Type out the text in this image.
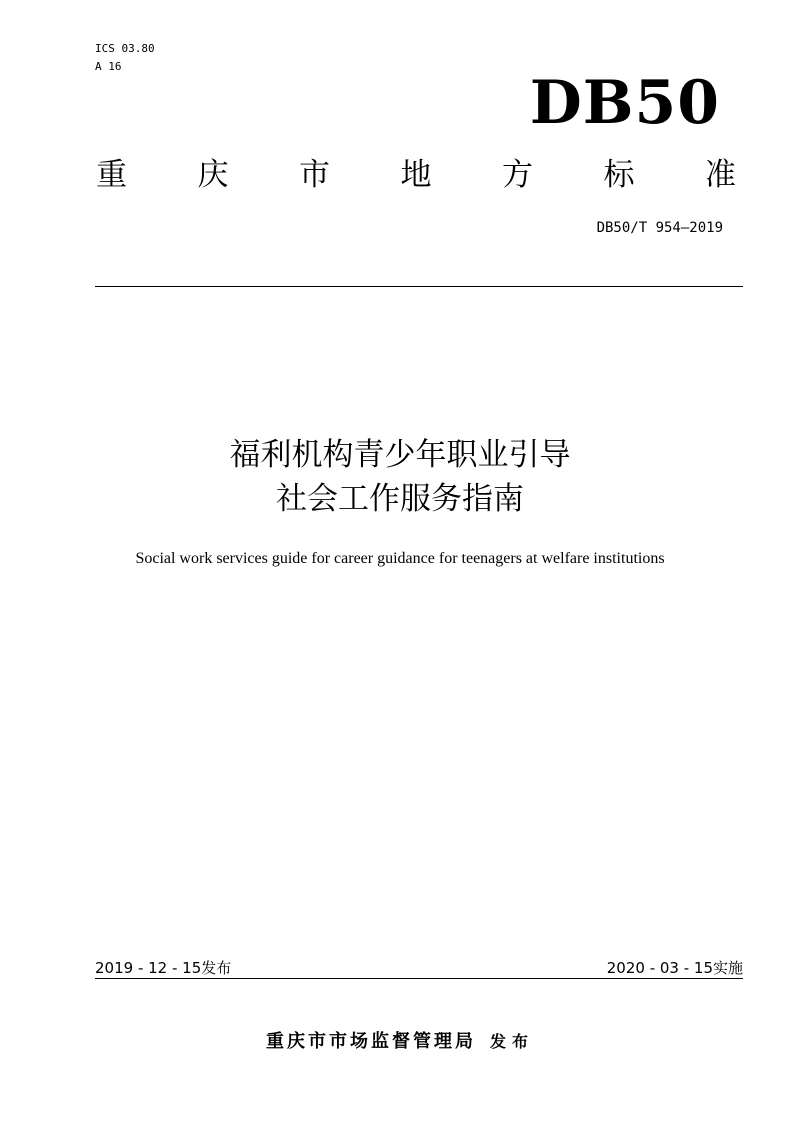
ICS 03.80
A 16
DB50
重 庆 市 地 方 标 准
DB50/T 954—2019
福利机构青少年职业引导
社会工作服务指南
Social work services guide for career guidance for teenagers at welfare institutions
2019 - 12 - 15发布	2020 - 03 - 15实施
重庆市市场监督管理局 发布
